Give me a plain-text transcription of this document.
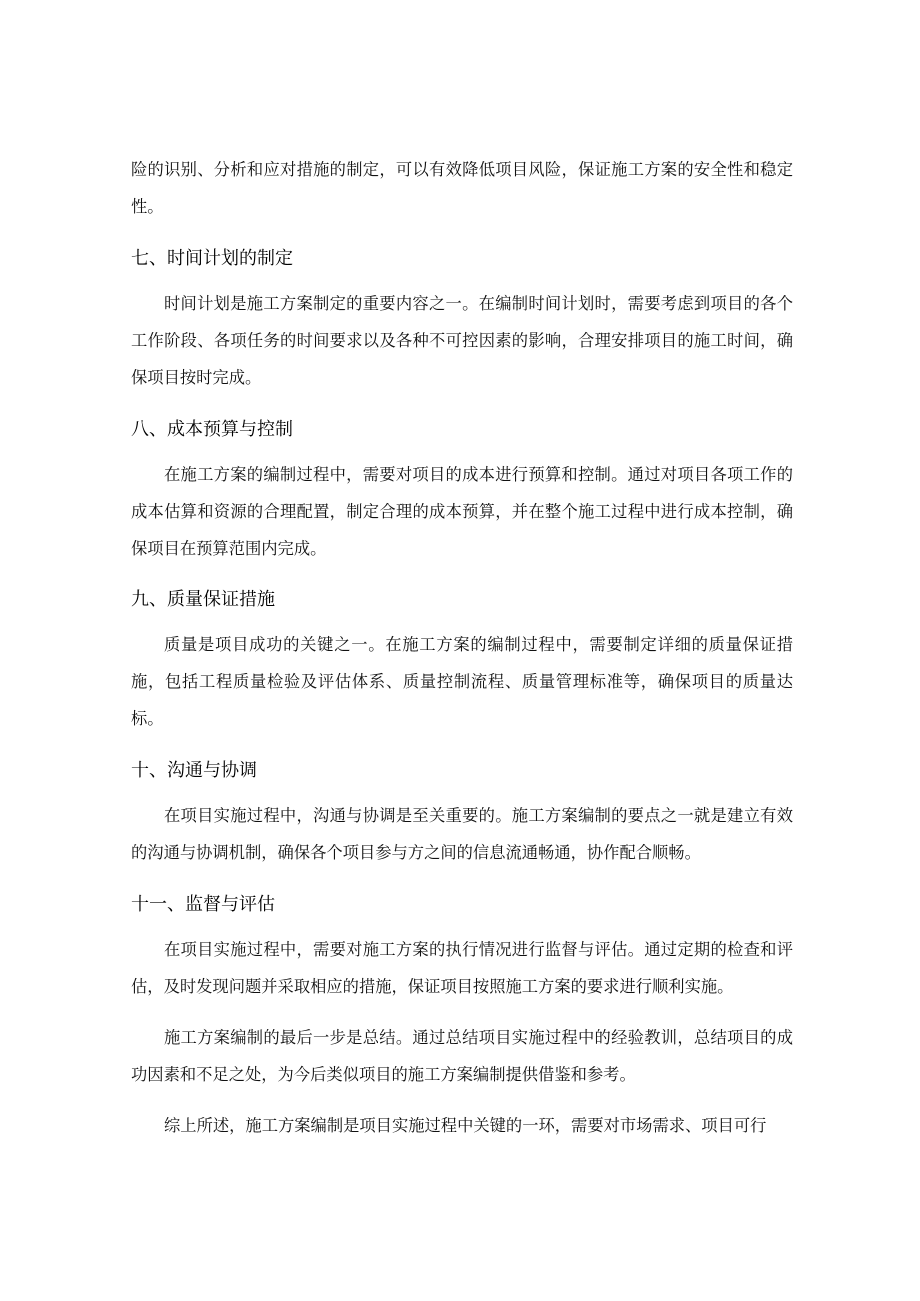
险的识别、分析和应对措施的制定，可以有效降低项目风险，保证施工方案的安全性和稳定性。

七、时间计划的制定

时间计划是施工方案制定的重要内容之一。在编制时间计划时，需要考虑到项目的各个工作阶段、各项任务的时间要求以及各种不可控因素的影响，合理安排项目的施工时间，确保项目按时完成。

八、成本预算与控制

在施工方案的编制过程中，需要对项目的成本进行预算和控制。通过对项目各项工作的成本估算和资源的合理配置，制定合理的成本预算，并在整个施工过程中进行成本控制，确保项目在预算范围内完成。

九、质量保证措施

质量是项目成功的关键之一。在施工方案的编制过程中，需要制定详细的质量保证措施，包括工程质量检验及评估体系、质量控制流程、质量管理标准等，确保项目的质量达标。

十、沟通与协调

在项目实施过程中，沟通与协调是至关重要的。施工方案编制的要点之一就是建立有效的沟通与协调机制，确保各个项目参与方之间的信息流通畅通，协作配合顺畅。

十一、监督与评估

在项目实施过程中，需要对施工方案的执行情况进行监督与评估。通过定期的检查和评估，及时发现问题并采取相应的措施，保证项目按照施工方案的要求进行顺利实施。

施工方案编制的最后一步是总结。通过总结项目实施过程中的经验教训，总结项目的成功因素和不足之处，为今后类似项目的施工方案编制提供借鉴和参考。

综上所述，施工方案编制是项目实施过程中关键的一环，需要对市场需求、项目可行
